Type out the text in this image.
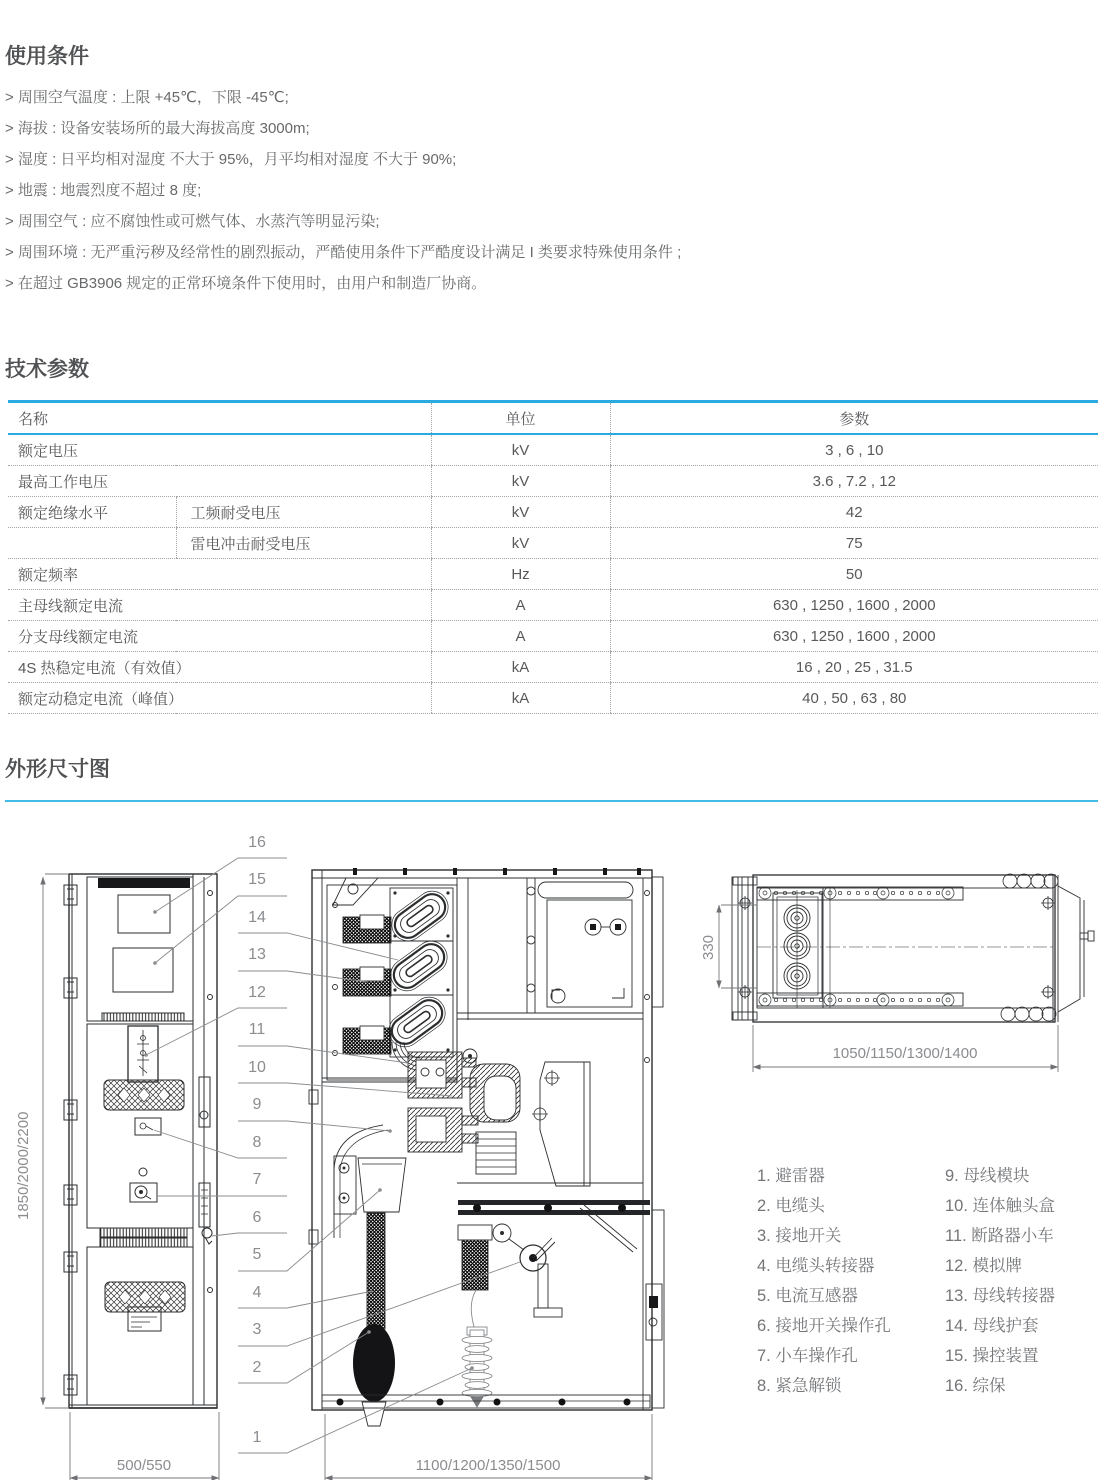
使用条件
> 周围空气温度 : 上限 +45℃，下限 -45℃;
> 海拔 : 设备安装场所的最大海拔高度 3000m;
> 湿度 : 日平均相对湿度 不大于 95%，月平均相对湿度 不大于 90%;
> 地震 : 地震烈度不超过 8 度;
> 周围空气 : 应不腐蚀性或可燃气体、水蒸汽等明显污染;
> 周围环境 : 无严重污秽及经常性的剧烈振动，严酷使用条件下严酷度设计满足 I 类要求特殊使用条件 ;
> 在超过 GB3906 规定的正常环境条件下使用时，由用户和制造厂协商。
技术参数
名称		单位	参数
额定电压		kV	3 , 6 , 10
最高工作电压		kV	3.6 , 7.2 , 12
额定绝缘水平	工频耐受电压	kV	42
	雷电冲击耐受电压	kV	75
额定频率		Hz	50
主母线额定电流		A	630 , 1250 , 1600 , 2000
分支母线额定电流		A	630 , 1250 , 1600 , 2000
4S 热稳定电流（有效值）		kA	16 , 20 , 25 , 31.5
额定动稳定电流（峰值）		kA	40 , 50 , 63 , 80
外形尺寸图
1850/2000/2200
500/550	1100/1200/1350/1500
330
1050/1150/1300/1400
16
15
14
13
12
11
10
9
8
7
6
5
4
3
2
1
1. 避雷器
2. 电缆头
3. 接地开关
4. 电缆头转接器
5. 电流互感器
6. 接地开关操作孔
7. 小车操作孔
8. 紧急解锁
9. 母线模块
10. 连体触头盒
11. 断路器小车
12. 模拟牌
13. 母线转接器
14. 母线护套
15. 操控装置
16. 综保
